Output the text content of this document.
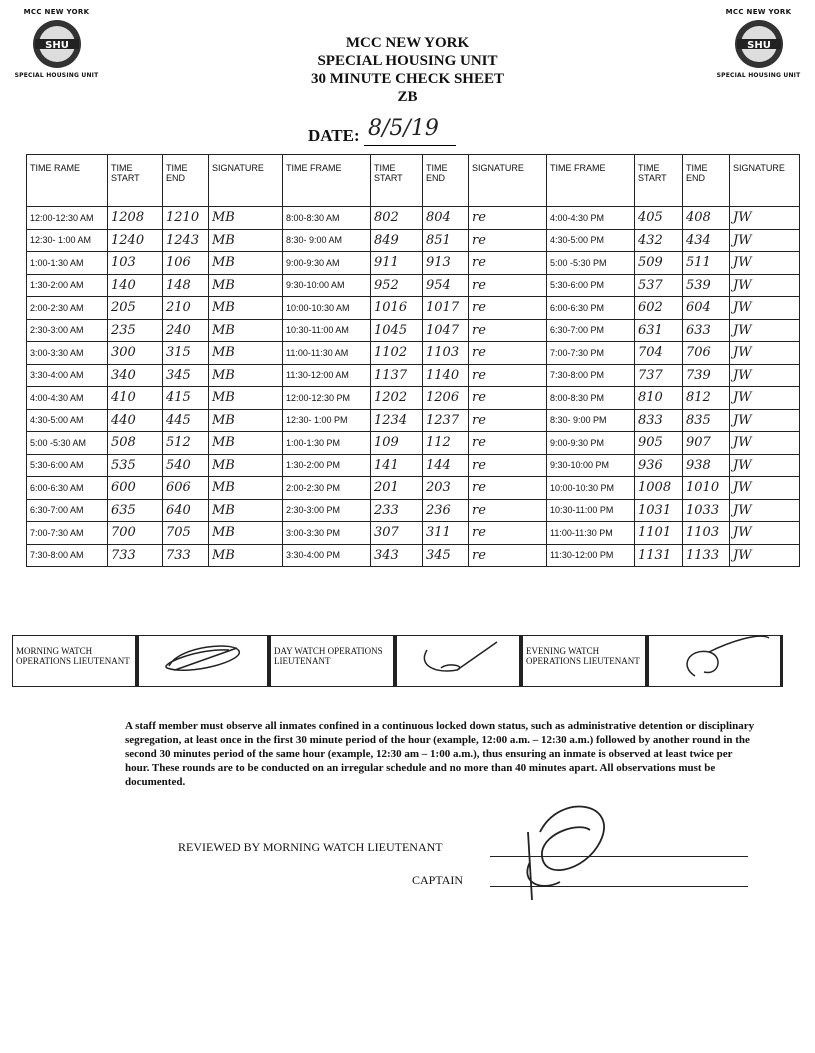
MCC NEW YORK
SHU
SPECIAL HOUSING UNIT
MCC NEW YORK
SHU
SPECIAL HOUSING UNIT
MCC NEW YORK
SPECIAL HOUSING UNIT
30 MINUTE CHECK SHEET
ZB
DATE: 8/5/19
TIME RAME	TIME START	TIME END	SIGNATURE	TIME FRAME	TIME START	TIME END	SIGNATURE	TIME FRAME	TIME START	TIME END	SIGNATURE
12:00-12:30 AM	1208	1210	MB	8:00-8:30 AM	802	804	re	4:00-4:30 PM	405	408	JW
12:30- 1:00 AM	1240	1243	MB	8:30- 9:00 AM	849	851	re	4:30-5:00 PM	432	434	JW
1:00-1:30 AM	103	106	MB	9:00-9:30 AM	911	913	re	5:00 -5:30 PM	509	511	JW
1:30-2:00 AM	140	148	MB	9:30-10:00 AM	952	954	re	5:30-6:00 PM	537	539	JW
2:00-2:30 AM	205	210	MB	10:00-10:30 AM	1016	1017	re	6:00-6:30 PM	602	604	JW
2:30-3:00 AM	235	240	MB	10:30-11:00 AM	1045	1047	re	6:30-7:00 PM	631	633	JW
3:00-3:30 AM	300	315	MB	11:00-11:30 AM	1102	1103	re	7:00-7:30 PM	704	706	JW
3:30-4:00 AM	340	345	MB	11:30-12:00 AM	1137	1140	re	7:30-8:00 PM	737	739	JW
4:00-4:30 AM	410	415	MB	12:00-12:30 PM	1202	1206	re	8:00-8:30 PM	810	812	JW
4:30-5:00 AM	440	445	MB	12:30- 1:00 PM	1234	1237	re	8:30- 9:00 PM	833	835	JW
5:00 -5:30 AM	508	512	MB	1:00-1:30 PM	109	112	re	9:00-9:30 PM	905	907	JW
5:30-6:00 AM	535	540	MB	1:30-2:00 PM	141	144	re	9:30-10:00 PM	936	938	JW
6:00-6:30 AM	600	606	MB	2:00-2:30 PM	201	203	re	10:00-10:30 PM	1008	1010	JW
6:30-7:00 AM	635	640	MB	2:30-3:00 PM	233	236	re	10:30-11:00 PM	1031	1033	JW
7:00-7:30 AM	700	705	MB	3:00-3:30 PM	307	311	re	11:00-11:30 PM	1101	1103	JW
7:30-8:00 AM	733	733	MB	3:30-4:00 PM	343	345	re	11:30-12:00 PM	1131	1133	JW
MORNING WATCH OPERATIONS LIEUTENANT
DAY WATCH OPERATIONS LIEUTENANT
EVENING WATCH OPERATIONS LIEUTENANT
A staff member must observe all inmates confined in a continuous locked down status, such as administrative detention or disciplinary segregation, at least once in the first 30 minute period of the hour (example, 12:00 a.m. – 12:30 a.m.) followed by another round in the second 30 minutes period of the same hour (example, 12:30 am – 1:00 a.m.), thus ensuring an inmate is observed at least twice per hour. These rounds are to be conducted on an irregular schedule and no more than 40 minutes apart. All observations must be documented.
REVIEWED BY MORNING WATCH LIEUTENANT
CAPTAIN
